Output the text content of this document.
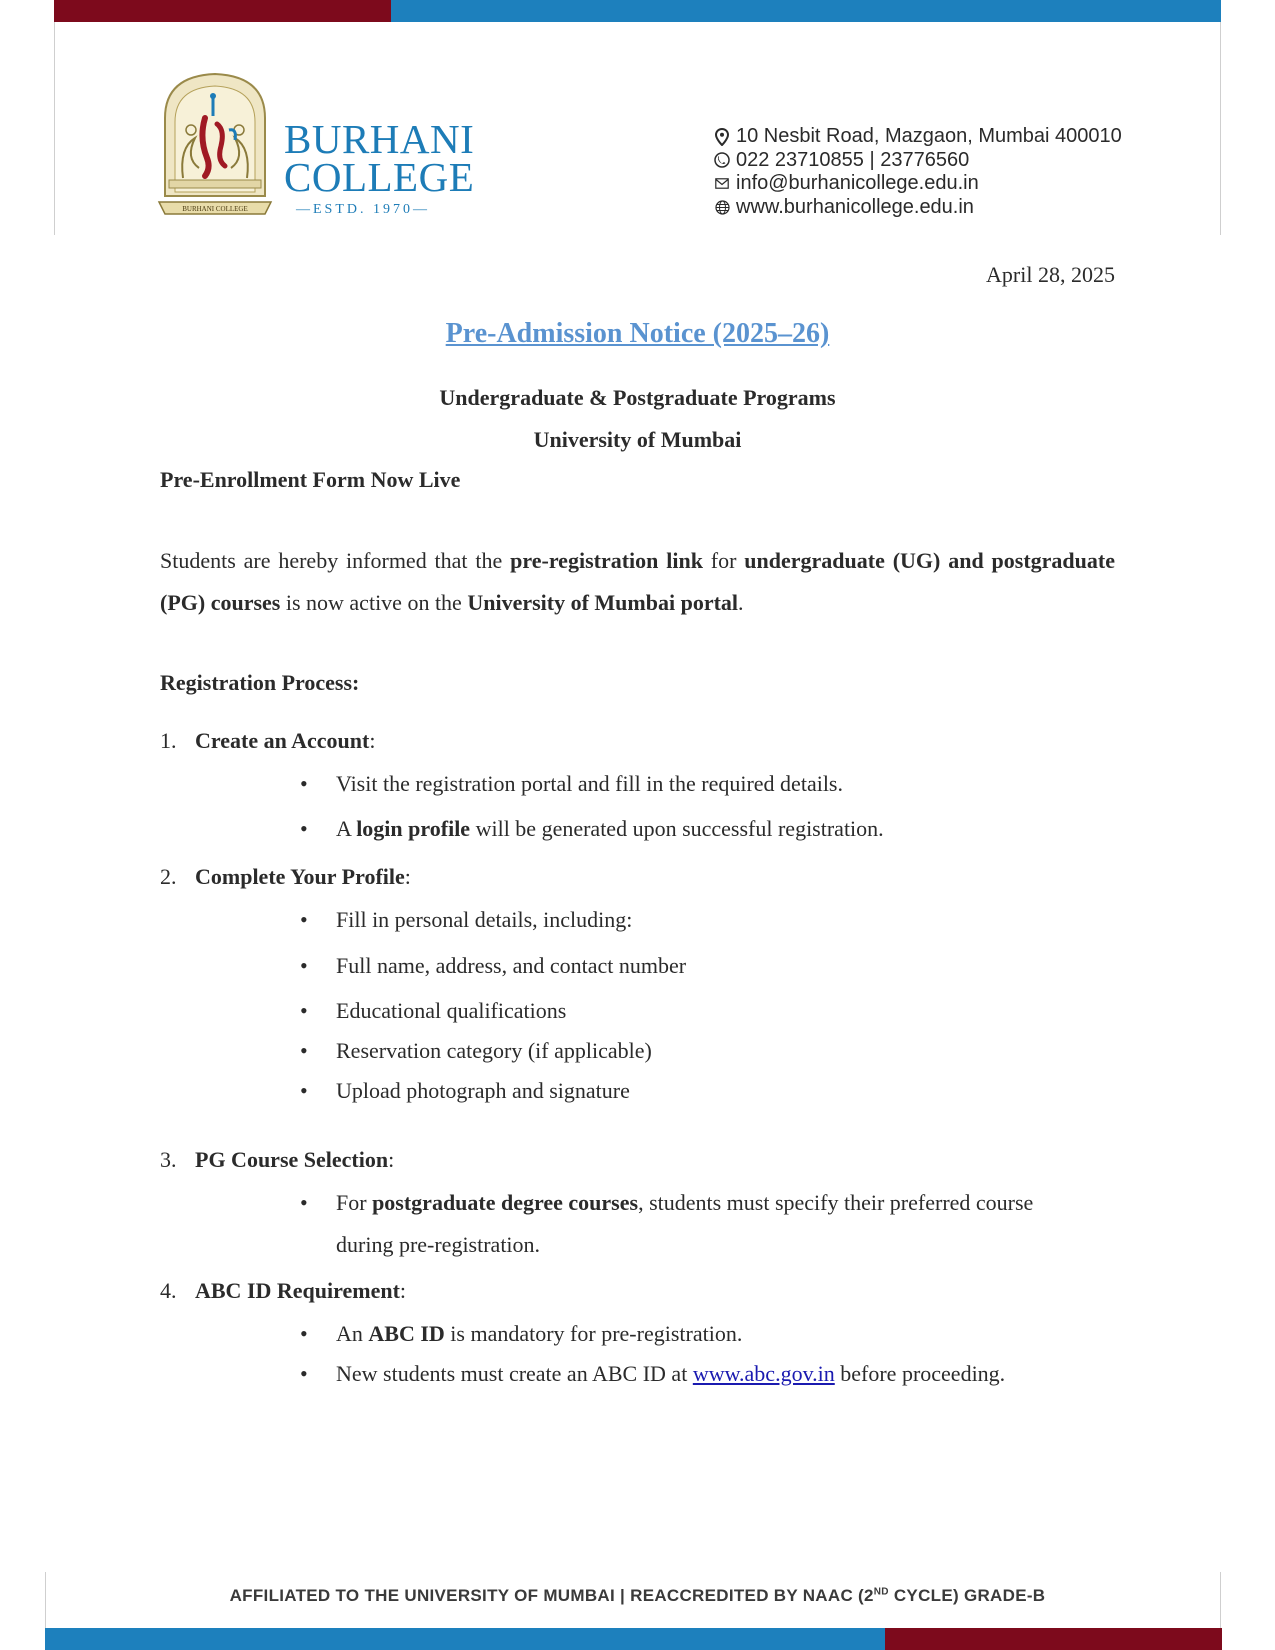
BURHANI COLLEGE
BURHANI
COLLEGE
—ESTD. 1970—
10 Nesbit Road, Mazgaon, Mumbai 400010
022 23710855 | 23776560
info@burhanicollege.edu.in
www.burhanicollege.edu.in
April 28, 2025
Pre-Admission Notice (2025–26)
Undergraduate & Postgraduate Programs
University of Mumbai
Pre-Enrollment Form Now Live
Students are hereby informed that the pre-registration link for undergraduate (UG) and postgraduate (PG) courses is now active on the University of Mumbai portal.
Registration Process:
1. Create an Account:
• Visit the registration portal and fill in the required details.
• A login profile will be generated upon successful registration.
2. Complete Your Profile:
• Fill in personal details, including:
• Full name, address, and contact number
• Educational qualifications
• Reservation category (if applicable)
• Upload photograph and signature
3. PG Course Selection:
• For postgraduate degree courses, students must specify their preferred course during pre-registration.
4. ABC ID Requirement:
• An ABC ID is mandatory for pre-registration.
• New students must create an ABC ID at www.abc.gov.in before proceeding.
AFFILIATED TO THE UNIVERSITY OF MUMBAI | REACCREDITED BY NAAC (2ND CYCLE) GRADE-B
